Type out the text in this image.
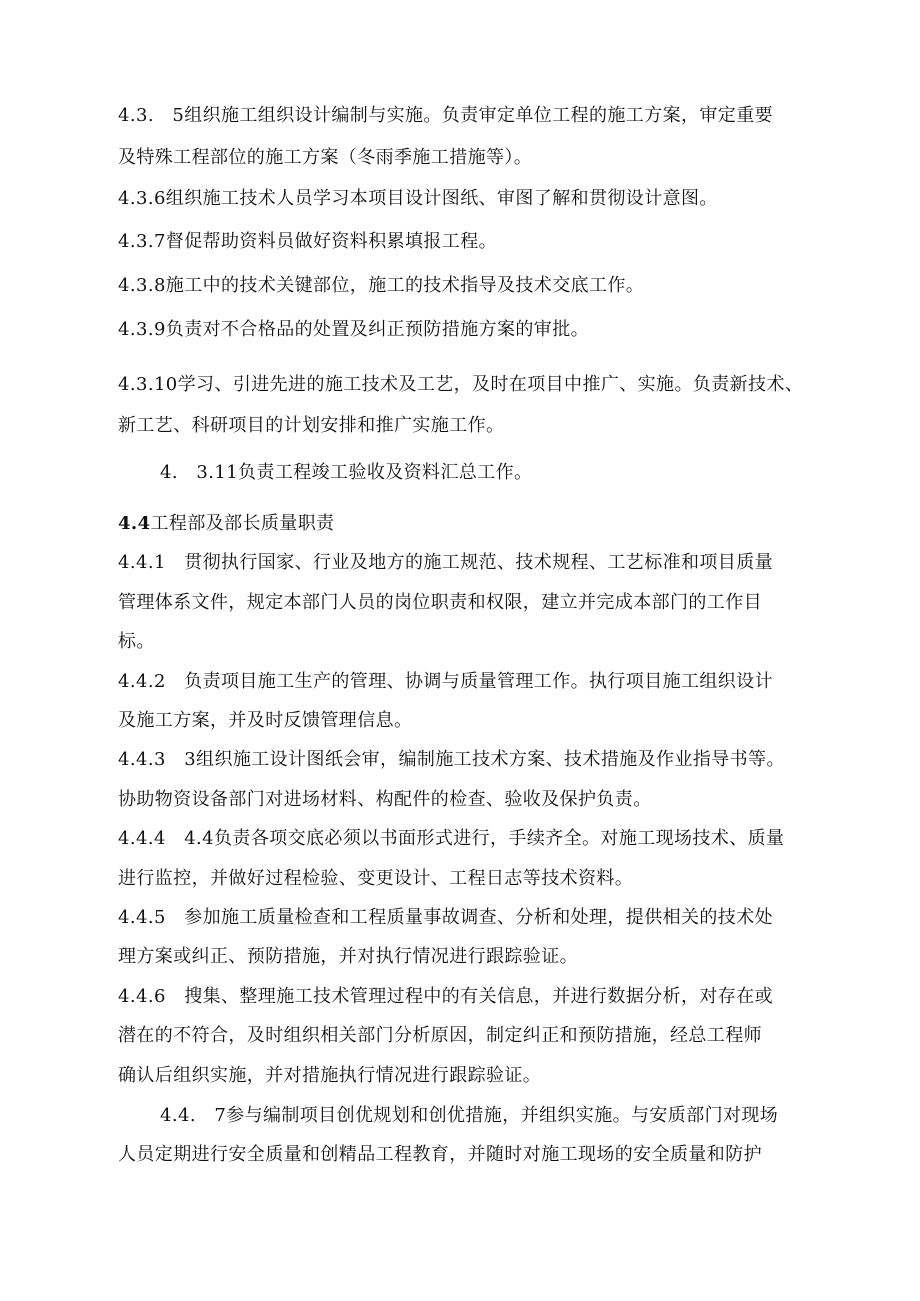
4.3.　5组织施工组织设计编制与实施。负责审定单位工程的施工方案，审定重要
及特殊工程部位的施工方案（冬雨季施工措施等）。
4.3.6组织施工技术人员学习本项目设计图纸、审图了解和贯彻设计意图。
4.3.7督促帮助资料员做好资料积累填报工程。
4.3.8施工中的技术关键部位，施工的技术指导及技术交底工作。
4.3.9负责对不合格品的处置及纠正预防措施方案的审批。
4.3.10学习、引进先进的施工技术及工艺，及时在项目中推广、实施。负责新技术、
新工艺、科研项目的计划安排和推广实施工作。
4.　3.11负责工程竣工验收及资料汇总工作。
4.4工程部及部长质量职责
4.4.1　贯彻执行国家、行业及地方的施工规范、技术规程、工艺标准和项目质量
管理体系文件，规定本部门人员的岗位职责和权限，建立并完成本部门的工作目
标。
4.4.2　负责项目施工生产的管理、协调与质量管理工作。执行项目施工组织设计
及施工方案，并及时反馈管理信息。
4.4.3　3组织施工设计图纸会审，编制施工技术方案、技术措施及作业指导书等。
协助物资设备部门对进场材料、构配件的检查、验收及保护负责。
4.4.4　4.4负责各项交底必须以书面形式进行，手续齐全。对施工现场技术、质量
进行监控，并做好过程检验、变更设计、工程日志等技术资料。
4.4.5　参加施工质量检查和工程质量事故调查、分析和处理，提供相关的技术处
理方案或纠正、预防措施，并对执行情况进行跟踪验证。
4.4.6　搜集、整理施工技术管理过程中的有关信息，并进行数据分析，对存在或
潜在的不符合，及时组织相关部门分析原因，制定纠正和预防措施，经总工程师
确认后组织实施，并对措施执行情况进行跟踪验证。
4.4.　7参与编制项目创优规划和创优措施，并组织实施。与安质部门对现场
人员定期进行安全质量和创精品工程教育，并随时对施工现场的安全质量和防护
